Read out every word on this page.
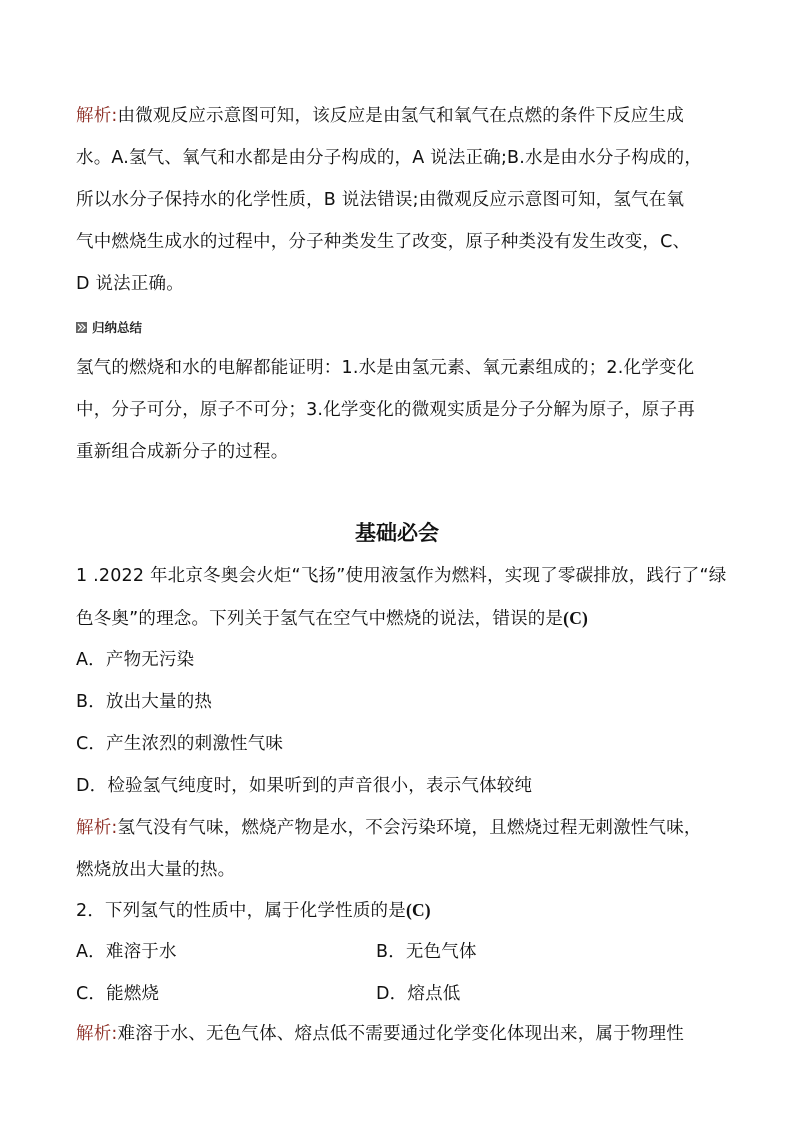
解析:由微观反应示意图可知，该反应是由氢气和氧气在点燃的条件下反应生成
水。A.氢气、氧气和水都是由分子构成的，A 说法正确;B.水是由水分子构成的，
所以水分子保持水的化学性质，B 说法错误;由微观反应示意图可知，氢气在氧
气中燃烧生成水的过程中，分子种类发生了改变，原子种类没有发生改变，C、
D 说法正确。
归纳总结
氢气的燃烧和水的电解都能证明：1.水是由氢元素、氧元素组成的；2.化学变化
中，分子可分，原子不可分；3.化学变化的微观实质是分子分解为原子，原子再
重新组合成新分子的过程。
基础必会
1 .2022 年北京冬奥会火炬“飞扬”使用液氢作为燃料，实现了零碳排放，践行了“绿
色冬奥”的理念。下列关于氢气在空气中燃烧的说法，错误的是(C)
A．产物无污染
B．放出大量的热
C．产生浓烈的刺激性气味
D．检验氢气纯度时，如果听到的声音很小，表示气体较纯
解析:氢气没有气味，燃烧产物是水，不会污染环境，且燃烧过程无刺激性气味，
燃烧放出大量的热。
2．下列氢气的性质中，属于化学性质的是(C)
A．难溶于水	B．无色气体
C．能燃烧	D．熔点低
解析:难溶于水、无色气体、熔点低不需要通过化学变化体现出来，属于物理性
